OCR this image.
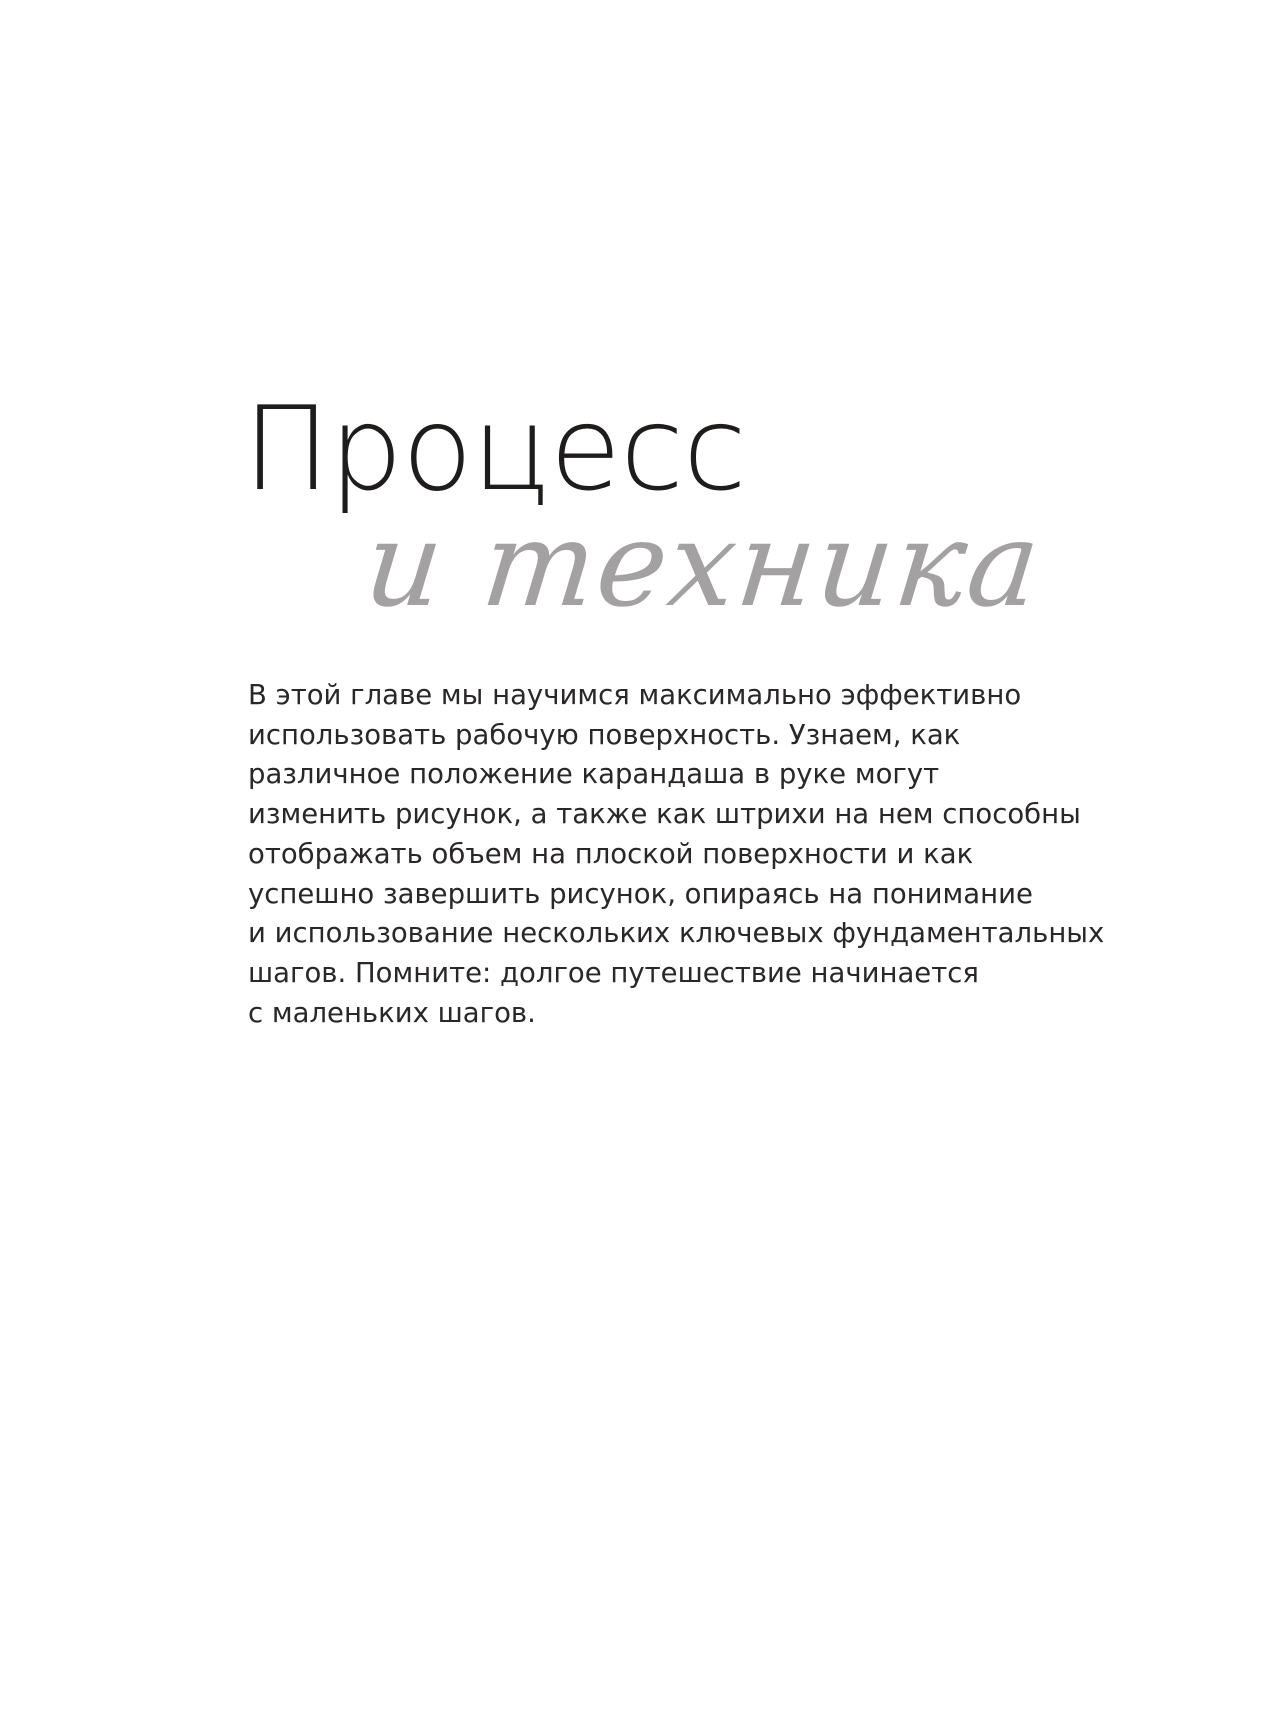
Процесс
и техника

В этой главе мы научимся максимально эффективно
использовать рабочую поверхность. Узнаем, как
различное положение карандаша в руке могут
изменить рисунок, а также как штрихи на нем способны
отображать объем на плоской поверхности и как
успешно завершить рисунок, опираясь на понимание
и использование нескольких ключевых фундаментальных
шагов. Помните: долгое путешествие начинается
с маленьких шагов.
